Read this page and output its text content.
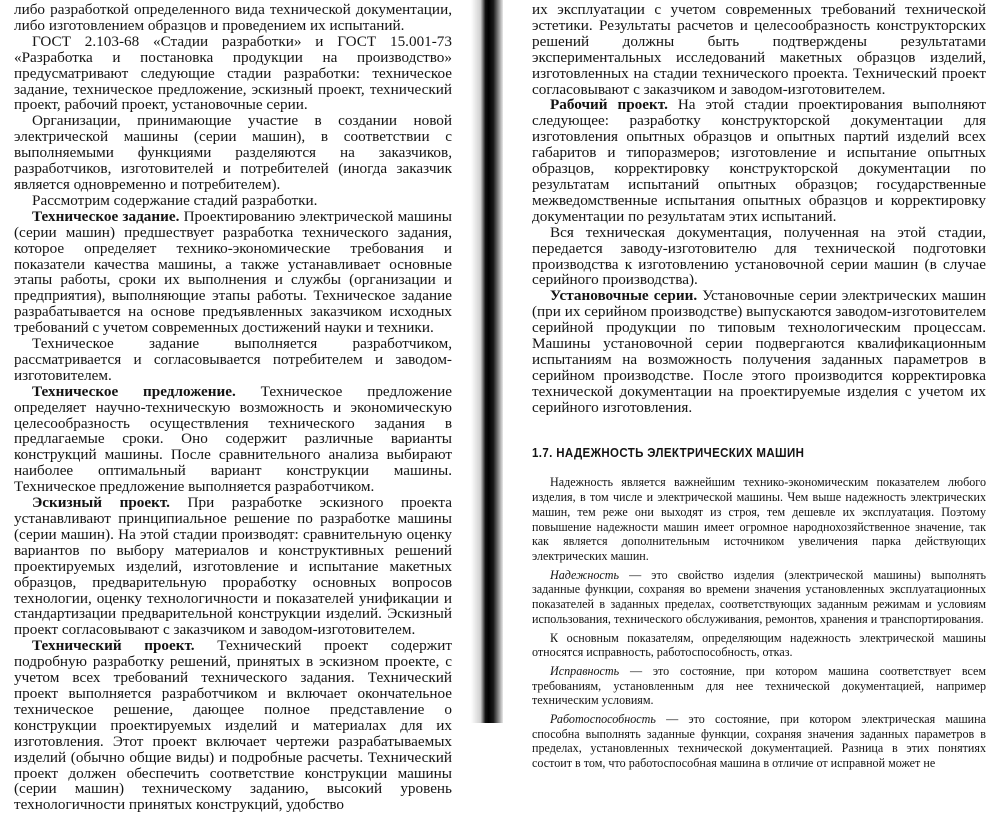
либо разработкой определенного вида технической документации, либо изготовлением образцов и проведением их испытаний.

ГОСТ 2.103-68 «Стадии разработки» и ГОСТ 15.001-73 «Разработка и постановка продукции на производство» предусматривают следующие стадии разработки: техническое задание, техническое предложение, эскизный проект, технический проект, рабочий проект, установочные серии.

Организации, принимающие участие в создании новой электрической машины (серии машин), в соответствии с выполняемыми функциями разделяются на заказчиков, разработчиков, изготовителей и потребителей (иногда заказчик является одновременно и потребителем).

Рассмотрим содержание стадий разработки.

Техническое задание. Проектированию электрической машины (серии машин) предшествует разработка технического задания, которое определяет технико-экономические требования и показатели качества машины, а также устанавливает основные этапы работы, сроки их выполнения и службы (организации и предприятия), выполняющие этапы работы. Техническое задание разрабатывается на основе предъявленных заказчиком исходных требований с учетом современных достижений науки и техники.

Техническое задание выполняется разработчиком, рассматривается и согласовывается потребителем и заводом-изготовителем.

Техническое предложение. Техническое предложение определяет научно-техническую возможность и экономическую целесообразность осуществления технического задания в предлагаемые сроки. Оно содержит различные варианты конструкций машины. После сравнительного анализа выбирают наиболее оптимальный вариант конструкции машины. Техническое предложение выполняется разработчиком.

Эскизный проект. При разработке эскизного проекта устанавливают принципиальное решение по разработке машины (серии машин). На этой стадии производят: сравнительную оценку вариантов по выбору материалов и конструктивных решений проектируемых изделий, изготовление и испытание макетных образцов, предварительную проработку основных вопросов технологии, оценку технологичности и показателей унификации и стандартизации предварительной конструкции изделий. Эскизный проект согласовывают с заказчиком и заводом-изготовителем.

Технический проект. Технический проект содержит подробную разработку решений, принятых в эскизном проекте, с учетом всех требований технического задания. Технический проект выполняется разработчиком и включает окончательное техническое решение, дающее полное представление о конструкции проектируемых изделий и материалах для их изготовления. Этот проект включает чертежи разрабатываемых изделий (обычно общие виды) и подробные расчеты. Технический проект должен обеспечить соответствие конструкции машины (серии машин) техническому заданию, высокий уровень технологичности принятых конструкций, удобство

их эксплуатации с учетом современных требований технической эстетики. Результаты расчетов и целесообразность конструкторских решений должны быть подтверждены результатами экспериментальных исследований макетных образцов изделий, изготовленных на стадии технического проекта. Технический проект согласовывают с заказчиком и заводом-изготовителем.

Рабочий проект. На этой стадии проектирования выполняют следующее: разработку конструкторской документации для изготовления опытных образцов и опытных партий изделий всех габаритов и типоразмеров; изготовление и испытание опытных образцов, корректировку конструкторской документации по результатам испытаний опытных образцов; государственные межведомственные испытания опытных образцов и корректировку документации по результатам этих испытаний.

Вся техническая документация, полученная на этой стадии, передается заводу-изготовителю для технической подготовки производства к изготовлению установочной серии машин (в случае серийного производства).

Установочные серии. Установочные серии электрических машин (при их серийном производстве) выпускаются заводом-изготовителем серийной продукции по типовым технологическим процессам. Машины установочной серии подвергаются квалификационным испытаниям на возможность получения заданных параметров в серийном производстве. После этого производится корректировка технической документации на проектируемые изделия с учетом их серийного изготовления.

1.7. НАДЕЖНОСТЬ ЭЛЕКТРИЧЕСКИХ МАШИН

Надежность является важнейшим технико-экономическим показателем любого изделия, в том числе и электрической машины. Чем выше надежность электрических машин, тем реже они выходят из строя, тем дешевле их эксплуатация. Поэтому повышение надежности машин имеет огромное народнохозяйственное значение, так как является дополнительным источником увеличения парка действующих электрических машин.

Надежность — это свойство изделия (электрической машины) выполнять заданные функции, сохраняя во времени значения установленных эксплуатационных показателей в заданных пределах, соответствующих заданным режимам и условиям использования, технического обслуживания, ремонтов, хранения и транспортирования.

К основным показателям, определяющим надежность электрической машины относятся исправность, работоспособность, отказ.

Исправность — это состояние, при котором машина соответствует всем требованиям, установленным для нее технической документацией, например техническим условиям.

Работоспособность — это состояние, при котором электрическая машина способна выполнять заданные функции, сохраняя значения заданных параметров в пределах, установленных технической документацией. Разница в этих понятиях состоит в том, что работоспособная машина в отличие от исправной может не
